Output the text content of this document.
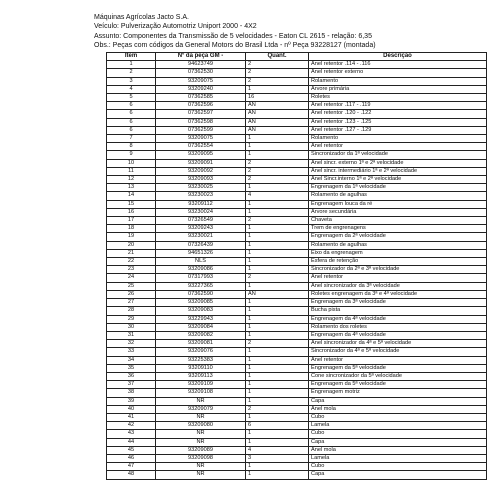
Máquinas Agrícolas Jacto S.A.
Veículo: Pulverização Automotriz Uniport 2000 - 4X2
Assunto: Componentes da Transmissão de 5 velocidades - Eaton CL 2615 - relação: 6,35
Obs.: Peças com códigos da General Motors do Brasil Ltda - nº Peça 93228127 (montada)
Item	Nº da peça GM -	Quant.	Descrição
1	94623749	2	Anel retentor .114 - .116
2	07362530	2	Anel retentor externo
3	93209075	2	Rolamento
4	93209240	1	Árvore primária
5	07362585	16	Roletes
6	07362596	AN	Anel retentor .117 - .119
6	07362597	AN	Anel retentor .120 - .122
6	07362598	AN	Anel retentor .123 - .125
6	07362599	AN	Anel retentor .127 - .129
7	93209075	1	Rolamento
8	07362554	1	Anel retentor
9	93209095	1	Sincronizador da 1ª velocidade
10	93209091	2	Anel sincr. externo 1ª e 2ª velocidade
11	93209092	2	Anel sincr. intermediário 1ª e 2ª velocidade
12	93209093	2	Anel Sincr.interno 1ª e 2ª velocidade
13	93230025	1	Engrenagem da 1ª velocidade
14	93230023	4	Rolamento de agulhas
15	93209112	1	Engrenagem louca da ré
16	93230024	1	Árvore secundária
17	07326549	2	Chaveta
18	93209243	1	Trem de engrenagens
19	93230021	1	Engrenagem da 2ª velocidade
20	07326439	1	Rolamento de agulhas
21	94651326	1	Eixo da engrenagem
22	NLS	1	Esfera de retenção
23	93209086	1	Sincronizador da 2ª e 3ª velocidade
24	07317993	2	Anel retentor
25	93227365	1	Anel sincronizador da 3ª velocidade
26	07362590	AN	Roletes engrenagem da 3ª e 4ª velocidade
27	93209085	1	Engrenagem da 3ª velocidade
28	93209083	1	Bucha pista
29	93229943	1	Engrenagem da 4ª velocidade
30	93209084	1	Rolamento dos roletes
31	93209082	1	Engrenagem da 4ª velocidade
32	93209081	2	Anel sincronizador da 4ª e 5ª velocidade
33	93209076	1	Sincronizador da 4ª e 5ª velocidade
34	93225383	1	Anel retentor
35	93209110	1	Engrenagem da 5ª velocidade
36	93209113	1	Cone sincronizador da 5ª velocidade
37	93209109	1	Engrenagem da 5ª velocidade
38	93209108	1	Engrenagem motriz
39	NR	1	Capa
40	93209079	2	Anel mola
41	NR	1	Cubo
42	93209080	6	Lamela
43	NR	1	Cubo
44	NR	1	Capa
45	93209089	4	Anel mola
46	93209098	3	Lamela
47	NR	1	Cubo
48	NR	1	Capa
